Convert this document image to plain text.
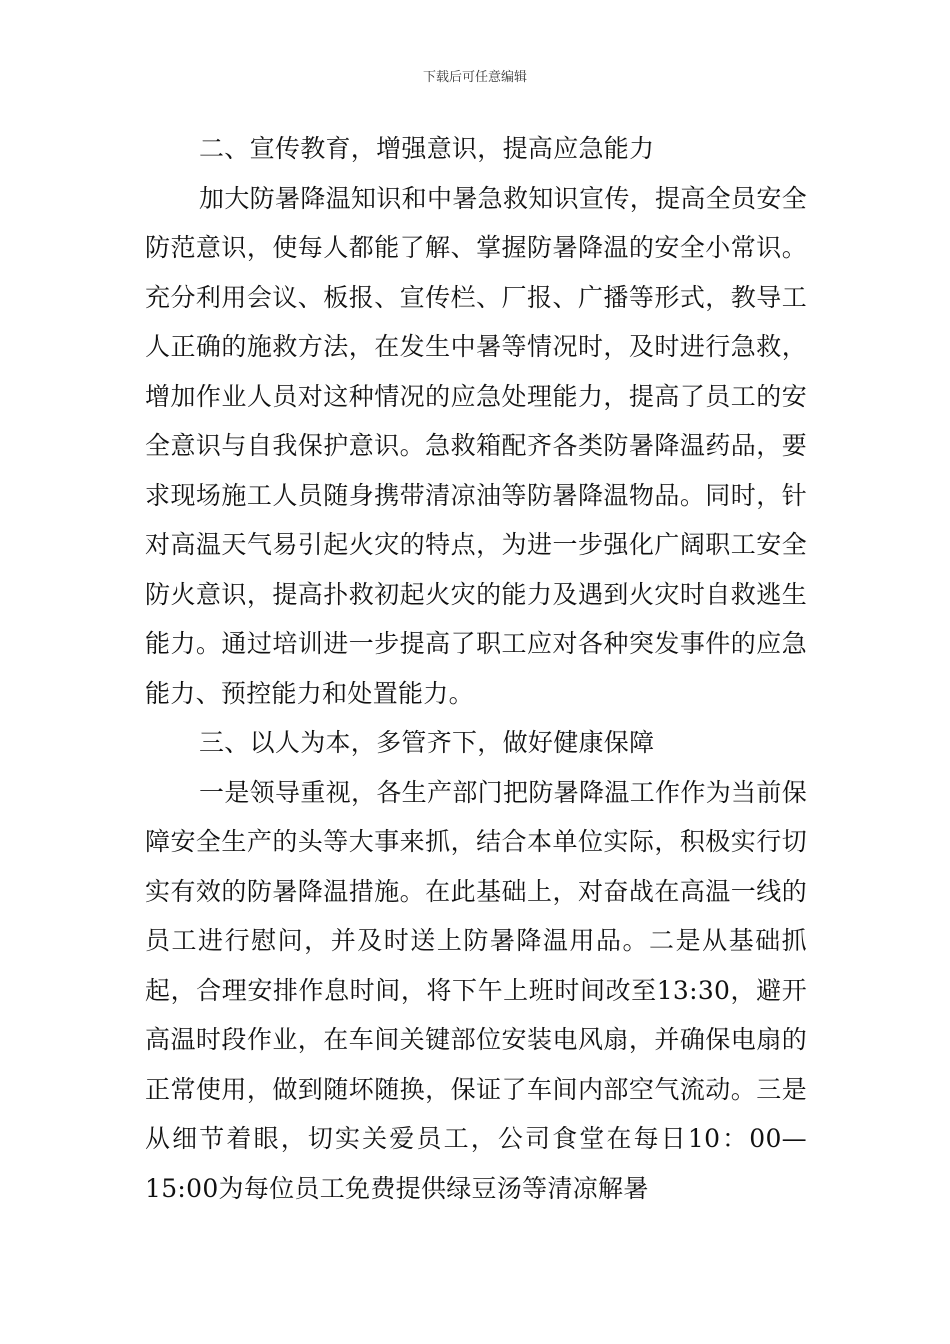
下载后可任意编辑

二、宣传教育，增强意识，提高应急能力

加大防暑降温知识和中暑急救知识宣传，提高全员安全防范意识，使每人都能了解、掌握防暑降温的安全小常识。充分利用会议、板报、宣传栏、厂报、广播等形式，教导工人正确的施救方法，在发生中暑等情况时，及时进行急救，增加作业人员对这种情况的应急处理能力，提高了员工的安全意识与自我保护意识。急救箱配齐各类防暑降温药品，要求现场施工人员随身携带清凉油等防暑降温物品。同时，针对高温天气易引起火灾的特点，为进一步强化广阔职工安全防火意识，提高扑救初起火灾的能力及遇到火灾时自救逃生能力。通过培训进一步提高了职工应对各种突发事件的应急能力、预控能力和处置能力。

三、以人为本，多管齐下，做好健康保障

一是领导重视，各生产部门把防暑降温工作作为当前保障安全生产的头等大事来抓，结合本单位实际，积极实行切实有效的防暑降温措施。在此基础上，对奋战在高温一线的员工进行慰问，并及时送上防暑降温用品。二是从基础抓起，合理安排作息时间，将下午上班时间改至13:30，避开高温时段作业，在车间关键部位安装电风扇，并确保电扇的正常使用，做到随坏随换，保证了车间内部空气流动。三是从细节着眼，切实关爱员工，公司食堂在每日10：00—15:00为每位员工免费提供绿豆汤等清凉解暑
